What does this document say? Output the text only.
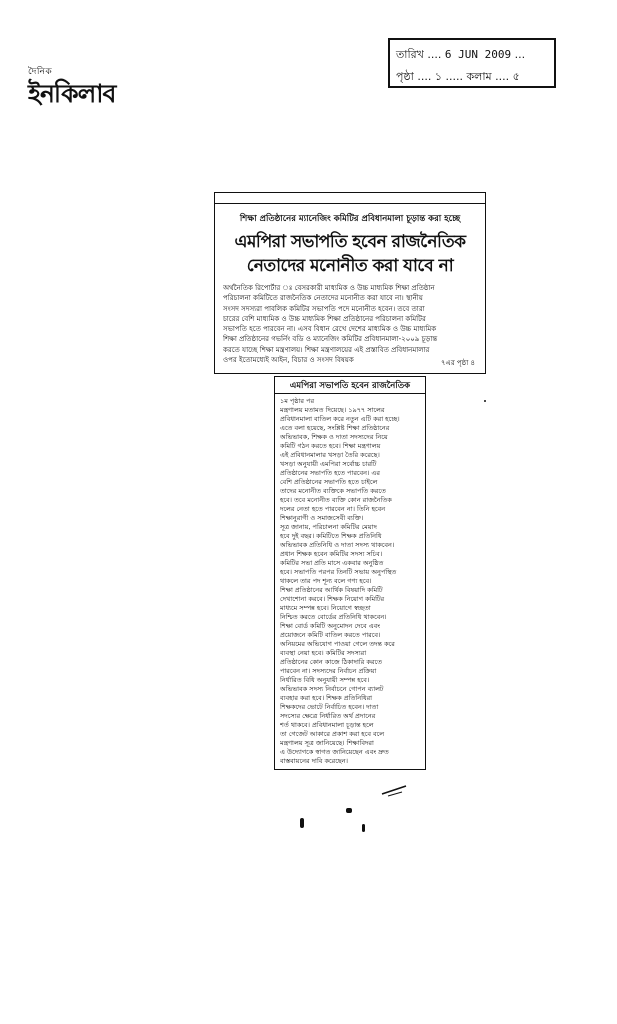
দৈনিক
ইনকিলাব
তারিখ .... 6 JUN 2009 ...
পৃষ্ঠা .... ১ ..... কলাম .... ৫
শিক্ষা প্রতিষ্ঠানের ম্যানেজিং কমিটির প্রবিধানমালা চূড়ান্ত করা হচ্ছে
এমপিরা সভাপতি হবেন রাজনৈতিক
নেতাদের মনোনীত করা যাবে না
অর্থনৈতিক রিপোর্টার ঃ বেসরকারী মাধ্যমিক ও উচ্চ মাধ্যমিক শিক্ষা প্রতিষ্ঠান
পরিচালনা কমিটিতে রাজনৈতিক নেতাদের মনোনীত করা যাবে না। স্থানীয়
সংসদ সদস্যরা পাবলিক কমিটির সভাপতি পদে মনোনীত হবেন। তবে তারা
চারের বেশি মাধ্যমিক ও উচ্চ মাধ্যমিক শিক্ষা প্রতিষ্ঠানের পরিচালনা কমিটির
সভাপতি হতে পারবেন না। এসব বিধান রেখে দেশের মাধ্যমিক ও উচ্চ মাধ্যমিক
শিক্ষা প্রতিষ্ঠানের গভর্নিং বডি ও ম্যানেজিং কমিটির প্রবিধানমালা-২০০৯ চূড়ান্ত
করতে যাচ্ছে শিক্ষা মন্ত্রণালয়। শিক্ষা মন্ত্রণালয়ের এই প্রস্তাবিত প্রবিধানমালার
ওপর ইতোমধ্যেই আইন, বিচার ও সংসদ বিষয়ক	৭এর পৃষ্ঠা ৪
এমপিরা সভাপতি হবেন রাজনৈতিক
১ম পৃষ্ঠার পর
মন্ত্রণালয় মতামত দিয়েছে। ১৯৭৭ সালের
প্রবিধানমালা বাতিল করে নতুন এটি করা হচ্ছে।
এতে বলা হয়েছে, সংশ্লিষ্ট শিক্ষা প্রতিষ্ঠানের
অভিভাবক, শিক্ষক ও দাতা সদস্যদের নিয়ে
কমিটি গঠন করতে হবে। শিক্ষা মন্ত্রণালয়
এই প্রবিধানমালার খসড়া তৈরি করেছে।
খসড়া অনুযায়ী এমপিরা সর্বোচ্চ চারটি
প্রতিষ্ঠানের সভাপতি হতে পারবেন। এর
বেশি প্রতিষ্ঠানের সভাপতি হতে চাইলে
তাদের মনোনীত ব্যক্তিকে সভাপতি করতে
হবে। তবে মনোনীত ব্যক্তি কোন রাজনৈতিক
দলের নেতা হতে পারবেন না। তিনি হবেন
শিক্ষানুরাগী ও সমাজসেবী ব্যক্তি।
সূত্র জানায়, পরিচালনা কমিটির মেয়াদ
হবে দুই বছর। কমিটিতে শিক্ষক প্রতিনিধি
অভিভাবক প্রতিনিধি ও দাতা সদস্য থাকবেন।
প্রধান শিক্ষক হবেন কমিটির সদস্য সচিব।
কমিটির সভা প্রতি মাসে একবার অনুষ্ঠিত
হবে। সভাপতি পরপর তিনটি সভায় অনুপস্থিত
থাকলে তার পদ শূন্য বলে গণ্য হবে।
শিক্ষা প্রতিষ্ঠানের আর্থিক বিষয়াদি কমিটি
দেখাশোনা করবে। শিক্ষক নিয়োগ কমিটির
মাধ্যমে সম্পন্ন হবে। নিয়োগে স্বচ্ছতা
নিশ্চিত করতে বোর্ডের প্রতিনিধি থাকবেন।
শিক্ষা বোর্ড কমিটি অনুমোদন দেবে এবং
প্রয়োজনে কমিটি বাতিল করতে পারবে।
অনিয়মের অভিযোগ পাওয়া গেলে তদন্ত করে
ব্যবস্থা নেয়া হবে। কমিটির সদস্যরা
প্রতিষ্ঠানের কোন কাজে ঠিকাদারি করতে
পারবেন না। সদস্যদের নির্বাচন প্রক্রিয়া
নির্ধারিত বিধি অনুযায়ী সম্পন্ন হবে।
অভিভাবক সদস্য নির্বাচনে গোপন ব্যালট
ব্যবহার করা হবে। শিক্ষক প্রতিনিধিরা
শিক্ষকদের ভোটে নির্বাচিত হবেন। দাতা
সদস্যের ক্ষেত্রে নির্ধারিত অর্থ প্রদানের
শর্ত থাকবে। প্রবিধানমালা চূড়ান্ত হলে
তা গেজেট আকারে প্রকাশ করা হবে বলে
মন্ত্রণালয় সূত্র জানিয়েছে। শিক্ষাবিদরা
এ উদ্যোগকে স্বাগত জানিয়েছেন এবং দ্রুত
বাস্তবায়নের দাবি করেছেন।
